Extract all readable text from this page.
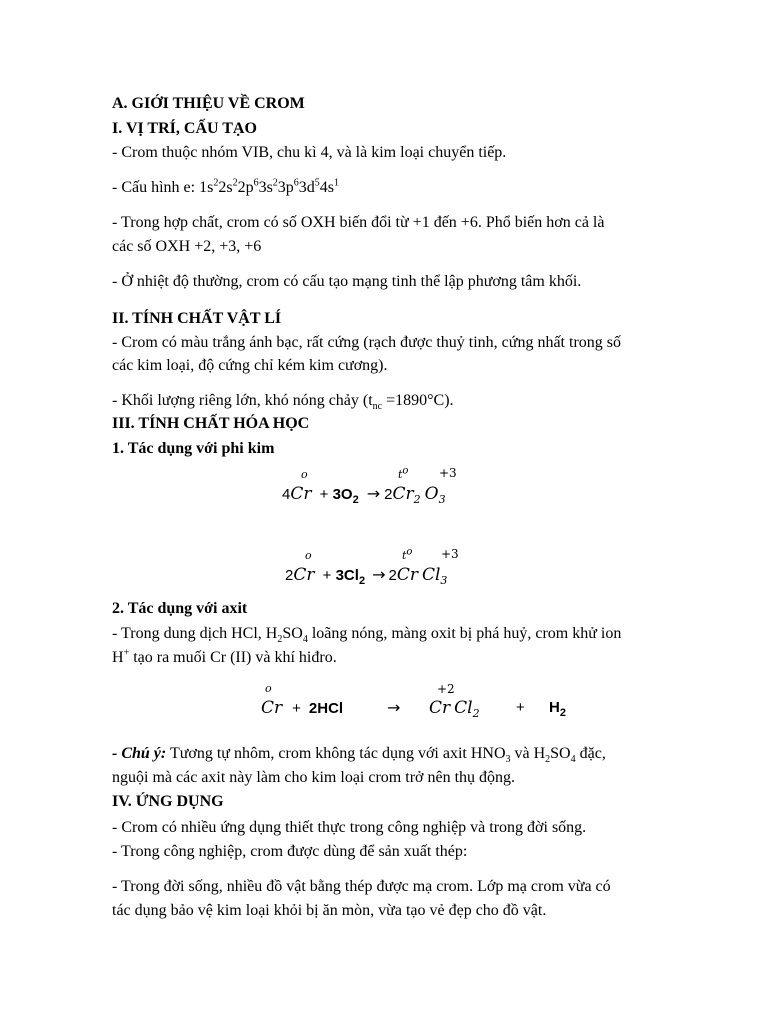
A. GIỚI THIỆU VỀ CROM
I. VỊ TRÍ, CẤU TẠO
- Crom thuộc nhóm VIB, chu kì 4, và là kim loại chuyển tiếp.
- Cấu hình e: $1s^22s^22p^63s^23p^63d^54s^1$
- Trong hợp chất, crom có số OXH biến đổi từ +1 đến +6. Phổ biến hơn cả là
các số OXH +2, +3, +6
- Ở nhiệt độ thường, crom có cấu tạo mạng tinh thể lập phương tâm khối.
II. TÍNH CHẤT VẬT LÍ
- Crom có màu trắng ánh bạc, rất cứng (rạch được thuỷ tinh, cứng nhất trong số
các kim loại, độ cứng chỉ kém kim cương).
- Khối lượng riêng lớn, khó nóng chảy $(t_{nc} =1890^\circ C)$.
III. TÍNH CHẤT HÓA HỌC
1. Tác dụng với phi kim
o	$t^o$	+3
$4Cr + 3O_2 \to 2Cr_2$ $O_3$
o	$t^o +3$
$2Cr + 3Cl_2 \to 2Cr$ $Cl_3$
2. Tác dụng với axit
- Trong dung dịch HCl, $H_2SO_4$ loãng nóng, màng oxit bị phá huỷ, crom khử ion
H+ tạo ra muối Cr (II) và khí hiđro.
o	+2
Cr + 2HCl	→ Cr $Cl_2 + H_2$
- Chú ý: Tương tự nhôm, crom không tác dụng với axit $HNO_3$ và $H_2SO_4$ đặc,
nguội mà các axit này làm cho kim loại crom trở nên thụ động.
IV. ỨNG DỤNG
- Crom có nhiều ứng dụng thiết thực trong công nghiệp và trong đời sống.
- Trong công nghiệp, crom được dùng để sản xuất thép:
- Trong đời sống, nhiều đồ vật bằng thép được mạ crom. Lớp mạ crom vừa có
tác dụng bảo vệ kim loại khỏi bị ăn mòn, vừa tạo vẻ đẹp cho đồ vật.
